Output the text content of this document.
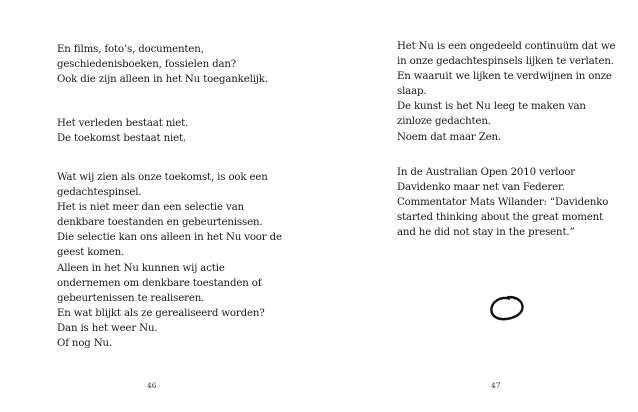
En films, foto’s, documenten,
geschiedenisboeken, fossielen dan?
Ook die zijn alleen in het Nu toegankelijk.

Het verleden bestaat niet.
De toekomst bestaat niet.

Wat wij zien als onze toekomst, is ook een
gedachtespinsel.
Het is niet meer dan een selectie van
denkbare toestanden en gebeurtenissen.
Die selectie kan ons alleen in het Nu voor de
geest komen.
Alleen in het Nu kunnen wij actie
ondernemen om denkbare toestanden of
gebeurtenissen te realiseren.
En wat blijkt als ze gerealiseerd worden?
Dan is het weer Nu.
Of nog Nu.

46

Het Nu is een ongedeeld continuüm dat we
in onze gedachtespinsels lijken te verlaten.
En waaruit we lijken te verdwijnen in onze
slaap.
De kunst is het Nu leeg te maken van
zinloze gedachten.
Noem dat maar Zen.

In de Australian Open 2010 verloor
Davidenko maar net van Federer.
Commentator Mats Wilander: “Davidenko
started thinking about the great moment
and he did not stay in the present.”

47
